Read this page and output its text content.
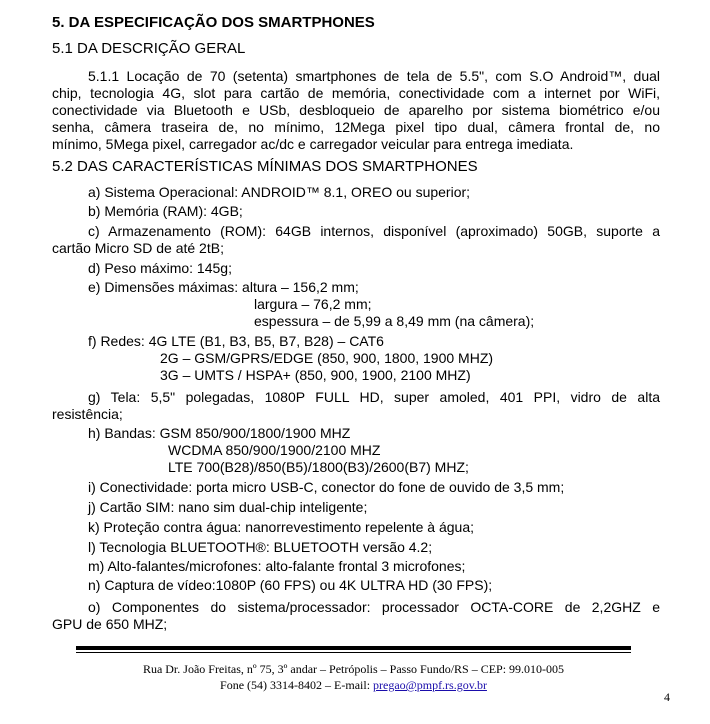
5. DA ESPECIFICAÇÃO DOS SMARTPHONES
5.1 DA DESCRIÇÃO GERAL
5.1.1 Locação de 70 (setenta) smartphones de tela de 5.5", com S.O Android™, dual
chip, tecnologia 4G, slot para cartão de memória, conectividade com a internet por WiFi,
conectividade via Bluetooth e USb, desbloqueio de aparelho por sistema biométrico e/ou
senha, câmera traseira de, no mínimo, 12Mega pixel tipo dual, câmera frontal de, no
mínimo, 5Mega pixel, carregador ac/dc e carregador veicular para entrega imediata.
5.2 DAS CARACTERÍSTICAS MÍNIMAS DOS SMARTPHONES
a) Sistema Operacional: ANDROID™ 8.1, OREO ou superior;
b) Memória (RAM): 4GB;
c) Armazenamento (ROM): 64GB internos, disponível (aproximado) 50GB, suporte a
cartão Micro SD de até 2tB;
d) Peso máximo: 145g;
e) Dimensões máximas: altura – 156,2 mm;
largura – 76,2 mm;
espessura – de 5,99 a 8,49 mm (na câmera);
f) Redes: 4G LTE (B1, B3, B5, B7, B28) – CAT6
2G – GSM/GPRS/EDGE (850, 900, 1800, 1900 MHZ)
3G – UMTS / HSPA+ (850, 900, 1900, 2100 MHZ)
g) Tela: 5,5" polegadas, 1080P FULL HD, super amoled, 401 PPI, vidro de alta
resistência;
h) Bandas: GSM 850/900/1800/1900 MHZ
WCDMA 850/900/1900/2100 MHZ
LTE 700(B28)/850(B5)/1800(B3)/2600(B7) MHZ;
i) Conectividade: porta micro USB-C, conector do fone de ouvido de 3,5 mm;
j) Cartão SIM: nano sim dual-chip inteligente;
k) Proteção contra água: nanorrevestimento repelente à água;
l) Tecnologia BLUETOOTH®: BLUETOOTH versão 4.2;
m) Alto-falantes/microfones: alto-falante frontal 3 microfones;
n) Captura de vídeo:1080P (60 FPS) ou 4K ULTRA HD (30 FPS);
o) Componentes do sistema/processador: processador OCTA-CORE de 2,2GHZ e
GPU de 650 MHZ;
Rua Dr. João Freitas, nº 75, 3º andar – Petrópolis – Passo Fundo/RS – CEP: 99.010-005
Fone (54) 3314-8402 – E-mail: pregao@pmpf.rs.gov.br
4
